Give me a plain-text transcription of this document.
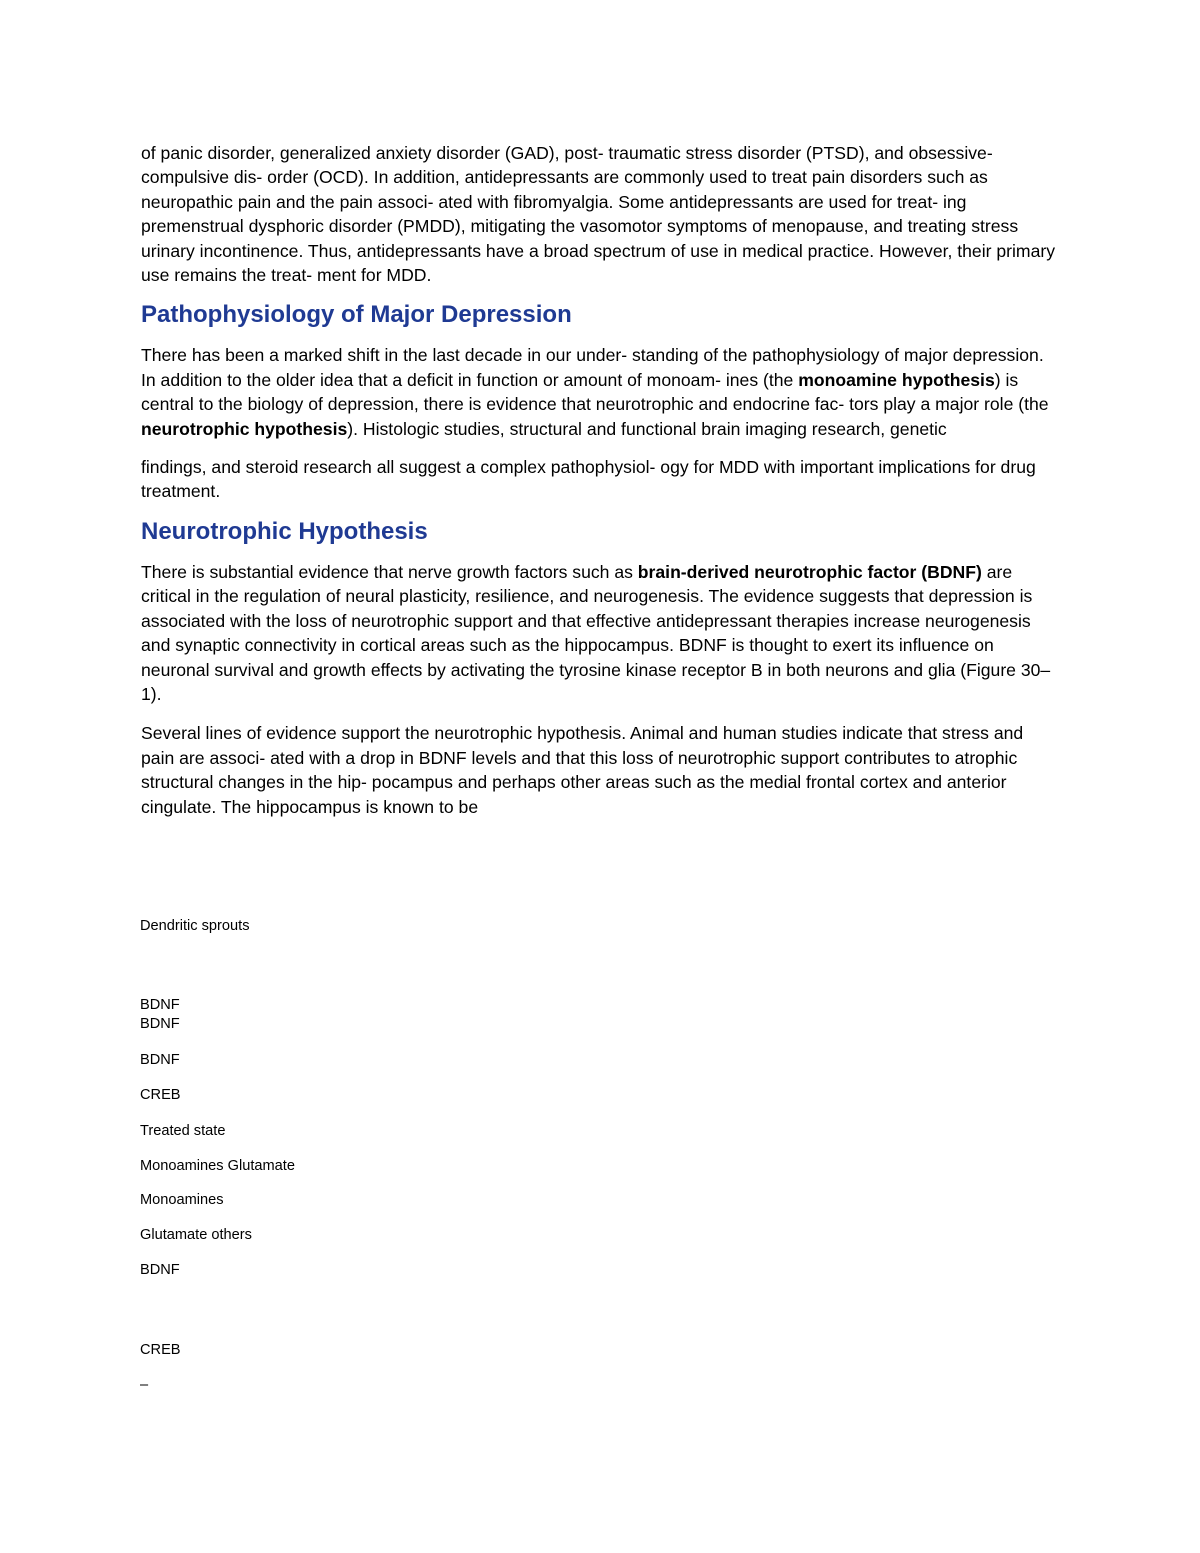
of panic disorder, generalized anxiety disorder (GAD), post- traumatic stress disorder (PTSD), and obsessive-compulsive dis- order (OCD). In addition, antidepressants are commonly used to treat pain disorders such as neuropathic pain and the pain associ- ated with fibromyalgia. Some antidepressants are used for treat- ing premenstrual dysphoric disorder (PMDD), mitigating the vasomotor symptoms of menopause, and treating stress urinary incontinence. Thus, antidepressants have a broad spectrum of use in medical practice. However, their primary use remains the treat- ment for MDD.

Pathophysiology of Major Depression

There has been a marked shift in the last decade in our under- standing of the pathophysiology of major depression. In addition to the older idea that a deficit in function or amount of monoam- ines (the monoamine hypothesis) is central to the biology of depression, there is evidence that neurotrophic and endocrine fac- tors play a major role (the neurotrophic hypothesis). Histologic studies, structural and functional brain imaging research, genetic

findings, and steroid research all suggest a complex pathophysiol- ogy for MDD with important implications for drug treatment.

Neurotrophic Hypothesis

There is substantial evidence that nerve growth factors such as brain-derived neurotrophic factor (BDNF) are critical in the regulation of neural plasticity, resilience, and neurogenesis. The evidence suggests that depression is associated with the loss of neurotrophic support and that effective antidepressant therapies increase neurogenesis and synaptic connectivity in cortical areas such as the hippocampus. BDNF is thought to exert its influence on neuronal survival and growth effects by activating the tyrosine kinase receptor B in both neurons and glia (Figure 30–1).

Several lines of evidence support the neurotrophic hypothesis. Animal and human studies indicate that stress and pain are associ- ated with a drop in BDNF levels and that this loss of neurotrophic support contributes to atrophic structural changes in the hip- pocampus and perhaps other areas such as the medial frontal cortex and anterior cingulate. The hippocampus is known to be

Dendritic sprouts

BDNF

BDNF

BDNF

CREB

Treated state

Monoamines Glutamate

Monoamines

Glutamate others

BDNF

CREB

–
